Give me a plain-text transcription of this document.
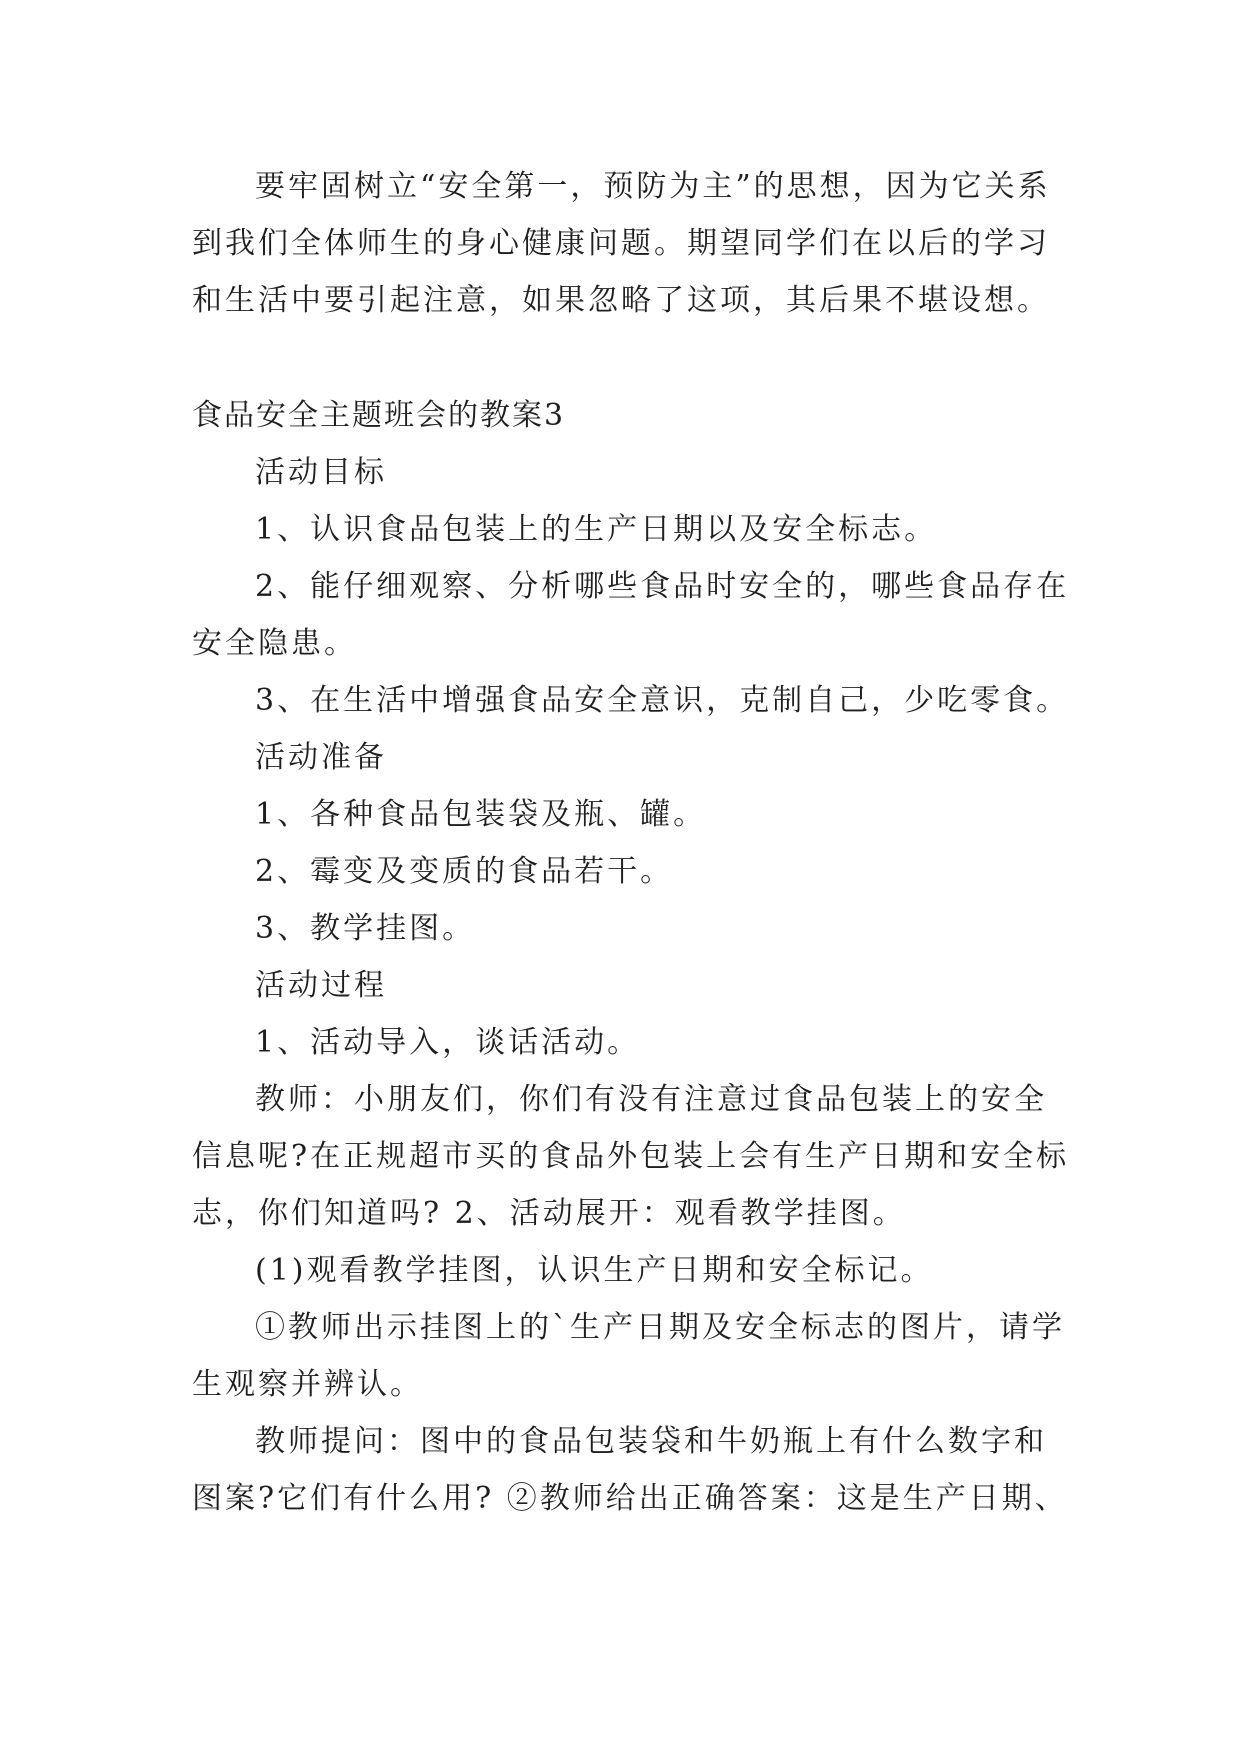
要牢固树立“安全第一，预防为主”的思想，因为它关系到我们全体师生的身心健康问题。期望同学们在以后的学习和生活中要引起注意，如果忽略了这项，其后果不堪设想。

食品安全主题班会的教案3

活动目标

1、认识食品包装上的生产日期以及安全标志。

2、能仔细观察、分析哪些食品时安全的，哪些食品存在安全隐患。

3、在生活中增强食品安全意识，克制自己，少吃零食。

活动准备

1、各种食品包装袋及瓶、罐。

2、霉变及变质的食品若干。

3、教学挂图。

活动过程

1、活动导入，谈话活动。

教师：小朋友们，你们有没有注意过食品包装上的安全信息呢?在正规超市买的食品外包装上会有生产日期和安全标志，你们知道吗? 2、活动展开：观看教学挂图。

(1)观看教学挂图，认识生产日期和安全标记。

①教师出示挂图上的`生产日期及安全标志的图片，请学生观察并辨认。

教师提问：图中的食品包装袋和牛奶瓶上有什么数字和图案?它们有什么用? ②教师给出正确答案：这是生产日期、
